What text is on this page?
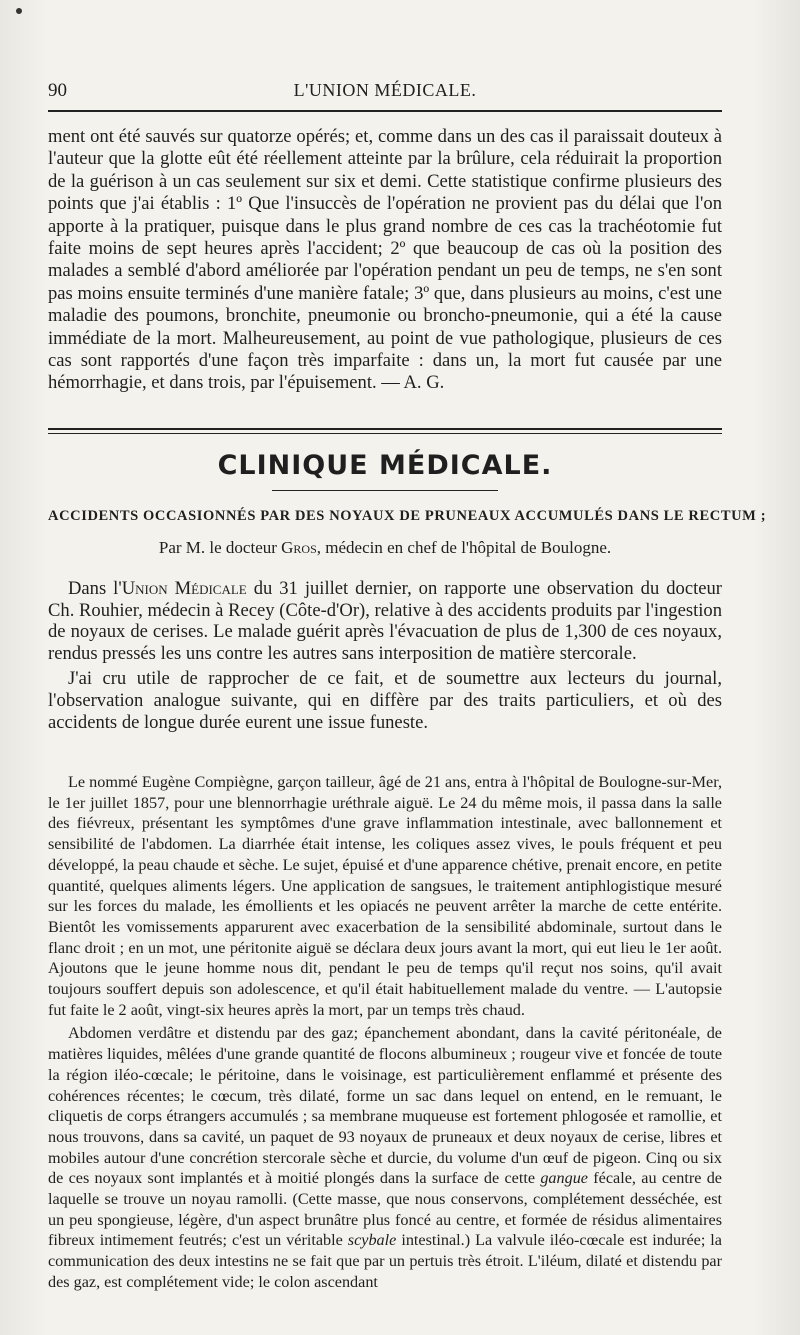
90	L'UNION MÉDICALE.
ment ont été sauvés sur quatorze opérés; et, comme dans un des cas il paraissait douteux à l'auteur que la glotte eût été réellement atteinte par la brûlure, cela réduirait la proportion de la guérison à un cas seulement sur six et demi. Cette statistique confirme plusieurs des points que j'ai établis : 1º Que l'insuccès de l'opération ne provient pas du délai que l'on apporte à la pratiquer, puisque dans le plus grand nombre de ces cas la trachéotomie fut faite moins de sept heures après l'accident; 2º que beaucoup de cas où la position des malades a semblé d'abord améliorée par l'opération pendant un peu de temps, ne s'en sont pas moins ensuite terminés d'une manière fatale; 3º que, dans plusieurs au moins, c'est une maladie des poumons, bronchite, pneumonie ou broncho-pneumonie, qui a été la cause immédiate de la mort. Malheureusement, au point de vue pathologique, plusieurs de ces cas sont rapportés d'une façon très imparfaite : dans un, la mort fut causée par une hémorrhagie, et dans trois, par l'épuisement. — A. G.
CLINIQUE MÉDICALE.
ACCIDENTS OCCASIONNÉS PAR DES NOYAUX DE PRUNEAUX ACCUMULÉS DANS LE RECTUM ;
Par M. le docteur Gros, médecin en chef de l'hôpital de Boulogne.

Dans l'Union Médicale du 31 juillet dernier, on rapporte une observation du docteur Ch. Rouhier, médecin à Recey (Côte-d'Or), relative à des accidents produits par l'ingestion de noyaux de cerises. Le malade guérit après l'évacuation de plus de 1,300 de ces noyaux, rendus pressés les uns contre les autres sans interposition de matière stercorale.

J'ai cru utile de rapprocher de ce fait, et de soumettre aux lecteurs du journal, l'observation analogue suivante, qui en diffère par des traits particuliers, et où des accidents de longue durée eurent une issue funeste.

Le nommé Eugène Compiègne, garçon tailleur, âgé de 21 ans, entra à l'hôpital de Boulogne-sur-Mer, le 1er juillet 1857, pour une blennorrhagie uréthrale aiguë. Le 24 du même mois, il passa dans la salle des fiévreux, présentant les symptômes d'une grave inflammation intestinale, avec ballonnement et sensibilité de l'abdomen. La diarrhée était intense, les coliques assez vives, le pouls fréquent et peu développé, la peau chaude et sèche. Le sujet, épuisé et d'une apparence chétive, prenait encore, en petite quantité, quelques aliments légers. Une application de sangsues, le traitement antiphlogistique mesuré sur les forces du malade, les émollients et les opiacés ne peuvent arrêter la marche de cette entérite. Bientôt les vomissements apparurent avec exacerbation de la sensibilité abdominale, surtout dans le flanc droit ; en un mot, une péritonite aiguë se déclara deux jours avant la mort, qui eut lieu le 1er août. Ajoutons que le jeune homme nous dit, pendant le peu de temps qu'il reçut nos soins, qu'il avait toujours souffert depuis son adolescence, et qu'il était habituellement malade du ventre. — L'autopsie fut faite le 2 août, vingt-six heures après la mort, par un temps très chaud.

Abdomen verdâtre et distendu par des gaz; épanchement abondant, dans la cavité péritonéale, de matières liquides, mêlées d'une grande quantité de flocons albumineux ; rougeur vive et foncée de toute la région iléo-cœcale; le péritoine, dans le voisinage, est particulièrement enflammé et présente des cohérences récentes; le cœcum, très dilaté, forme un sac dans lequel on entend, en le remuant, le cliquetis de corps étrangers accumulés ; sa membrane muqueuse est fortement phlogosée et ramollie, et nous trouvons, dans sa cavité, un paquet de 93 noyaux de pruneaux et deux noyaux de cerise, libres et mobiles autour d'une concrétion stercorale sèche et durcie, du volume d'un œuf de pigeon. Cinq ou six de ces noyaux sont implantés et à moitié plongés dans la surface de cette gangue fécale, au centre de laquelle se trouve un noyau ramolli. (Cette masse, que nous conservons, complétement desséchée, est un peu spongieuse, légère, d'un aspect brunâtre plus foncé au centre, et formée de résidus alimentaires fibreux intimement feutrés; c'est un véritable scybale intestinal.) La valvule iléo-cœcale est indurée; la communication des deux intestins ne se fait que par un pertuis très étroit. L'iléum, dilaté et distendu par des gaz, est complétement vide; le colon ascendant
